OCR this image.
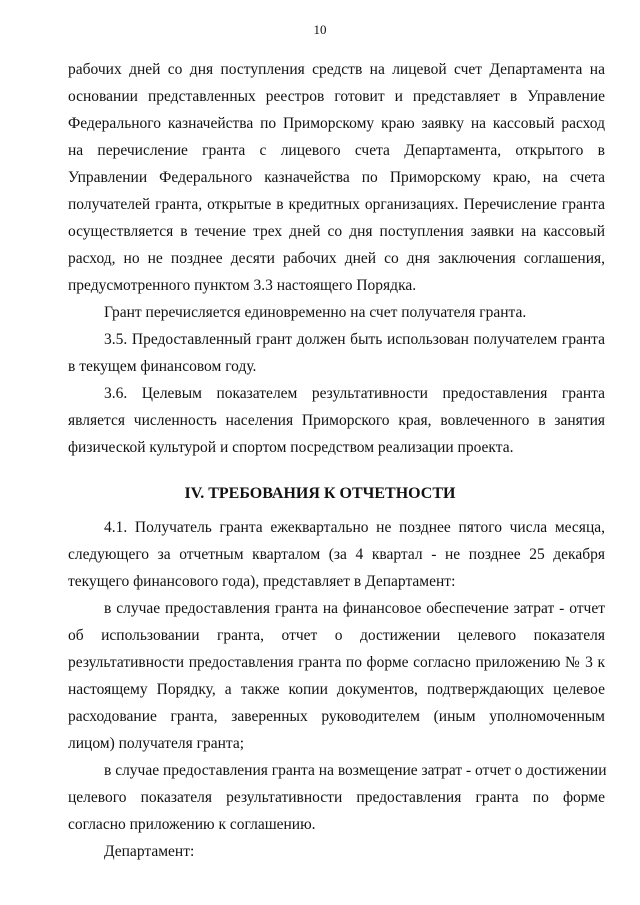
10
рабочих дней со дня поступления средств на лицевой счет Департамента на
основании представленных реестров готовит и представляет в Управление
Федерального казначейства по Приморскому краю заявку на кассовый расход
на перечисление гранта с лицевого счета Департамента, открытого в
Управлении Федерального казначейства по Приморскому краю, на счета
получателей гранта, открытые в кредитных организациях. Перечисление гранта
осуществляется в течение трех дней со дня поступления заявки на кассовый
расход, но не позднее десяти рабочих дней со дня заключения соглашения,
предусмотренного пунктом 3.3 настоящего Порядка.
Грант перечисляется единовременно на счет получателя гранта.
3.5. Предоставленный грант должен быть использован получателем гранта
в текущем финансовом году.
3.6. Целевым показателем результативности предоставления гранта
является численность населения Приморского края, вовлеченного в занятия
физической культурой и спортом посредством реализации проекта.
IV. ТРЕБОВАНИЯ К ОТЧЕТНОСТИ
4.1. Получатель гранта ежеквартально не позднее пятого числа месяца,
следующего за отчетным кварталом (за 4 квартал - не позднее 25 декабря
текущего финансового года), представляет в Департамент:
в случае предоставления гранта на финансовое обеспечение затрат - отчет
об использовании гранта, отчет о достижении целевого показателя
результативности предоставления гранта по форме согласно приложению № 3 к
настоящему Порядку, а также копии документов, подтверждающих целевое
расходование гранта, заверенных руководителем (иным уполномоченным
лицом) получателя гранта;
в случае предоставления гранта на возмещение затрат - отчет о достижении
целевого показателя результативности предоставления гранта по форме
согласно приложению к соглашению.
Департамент:
